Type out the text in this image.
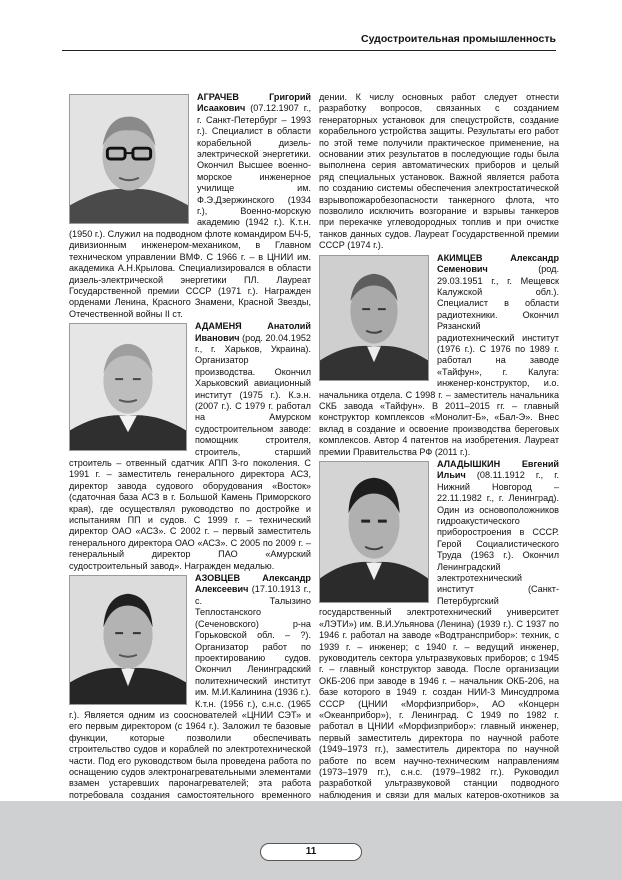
Судостроительная промышленность
АГРАЧЕВ Григорий Исаакович (07.12.1907 г., г. Санкт-Петербург – 1993 г.). Специалист в области корабельной дизель-электрической энергетики. Окончил Высшее военно-морское инженерное училище им. Ф.Э.Дзержинского (1934 г.), Военно-морскую академию (1942 г.). К.т.н. (1950 г.). Служил на подводном флоте командиром БЧ-5, дивизионным инженером-механиком, в Главном техническом управлении ВМФ. С 1966 г. – в ЦНИИ им. академика А.Н.Крылова. Специализировался в области дизель-электрической энергетики ПЛ. Лауреат Государственной премии СССР (1971 г.). Награжден орденами Ленина, Красного Знамени, Красной Звезды, Отечественной войны II ст.
АДАМЕНЯ Анатолий Иванович (род. 20.04.1952 г., г. Харьков, Украина). Организатор производства. Окончил Харьковский авиационный институт (1975 г.). К.э.н. (2007 г.). С 1979 г. работал на Амурском судостроительном заводе: помощник строителя, строитель, старший строитель – отвенный сдатчик АПП 3-го поколения. С 1991 г. – заместитель генерального директора АСЗ, директор завода судового оборудования «Восток» (сдаточная база АСЗ в г. Большой Камень Приморского края), где осуществлял руководство по достройке и испытаниям ПП и судов. С 1999 г. – технический директор ОАО «АСЗ». С 2002 г. – первый заместитель генерального директора ОАО «АСЗ». С 2005 по 2009 г. – генеральный директор ПАО «Амурский судостроительный завод». Награжден медалью.
АЗОВЦЕВ Александр Алексеевич (17.10.1913 г., с. Талызино Теплостанского (Сеченовского) р-на Горьковской обл. – ?). Организатор работ по проектированию судов. Окончил Ленинградский политехнический институт им. М.И.Калинина (1936 г.). К.т.н. (1956 г.), с.н.с. (1965 г.). Является одним из сооснователей «ЦНИИ СЭТ» и его первым директором (с 1964 г.). Заложил те базовые функции, которые позволили обеспечивать строительство судов и кораблей по электротехнической части. Под его руководством была проведена работа по оснащению судов электронагревательными элементами взамен устаревших паронагревателей; эта работа потребовала создания самостоятельного временного
дении. К числу основных работ следует отнести разработку вопросов, связанных с созданием генераторных установок для спецустройств, создание корабельного устройства защиты. Результаты его работ по этой теме получили практическое применение, на основании этих результатов в последующие годы была выполнена серия автоматических приборов и целый ряд специальных установок. Важной является работа по созданию системы обеспечения электростатической взрывопожаробезопасности танкерного флота, что позволило исключить возгорание и взрывы танкеров при перекачке углеводородных топлив и при очистке танков данных судов. Лауреат Государственной премии СССР (1974 г.).
АКИМЦЕВ Александр Семенович	(род. 29.03.1951 г., г. Мещевск Калужской обл.). Специалист в области радиотехники. Окончил Рязанский радиотехнический институт (1976 г.). С 1976 по 1989 г. работал на заводе «Тайфун», г. Калуга: инженер-конструктор, и.о. начальника отдела. С 1998 г. – заместитель начальника СКБ завода «Тайфун». В 2011–2015 гг. – главный конструктор комплексов «Монолит-Б», «Бал-Э». Внес вклад в создание и освоение производства береговых комплексов. Автор 4 патентов на изобретения. Лауреат премии Правительства РФ (2011 г.).
АЛАДЫШКИН Евгений Ильич (08.11.1912 г., г. Нижний Новгород – 22.11.1982 г., г. Ленинград). Один из основоположников гидроакустического приборостроения в СССР. Герой Социалистического Труда (1963 г.). Окончил Ленинградский электротехнический институт (Санкт-Петербургский государственный электротехнический университет «ЛЭТИ») им. В.И.Ульянова (Ленина) (1939 г.). С 1937 по 1946 г. работал на заводе «Водтрансприбор»: техник, с 1939 г. – инженер; с 1940 г. – ведущий инженер, руководитель сектора ультразвуковых приборов; с 1945 г. – главный конструктор завода. После организации ОКБ-206 при заводе в 1946 г. – начальник ОКБ-206, на базе которого в 1949 г. создан НИИ-3 Минсудпрома СССР (ЦНИИ «Морфизприбор», АО «Концерн «Океанприбор»), г. Ленинград. С 1949 по 1982 г. работал в ЦНИИ «Морфизприбор»: главный инженер, первый заместитель директора по научной работе (1949–1973 гг.), заместитель директора по научной работе по всем научно-техническим направлениям (1973–1979 гг.), с.н.с. (1979–1982 гг.). Руководил разработкой ультразвуковой станции подводного наблюдения и связи для малых катеров-охотников за
11
